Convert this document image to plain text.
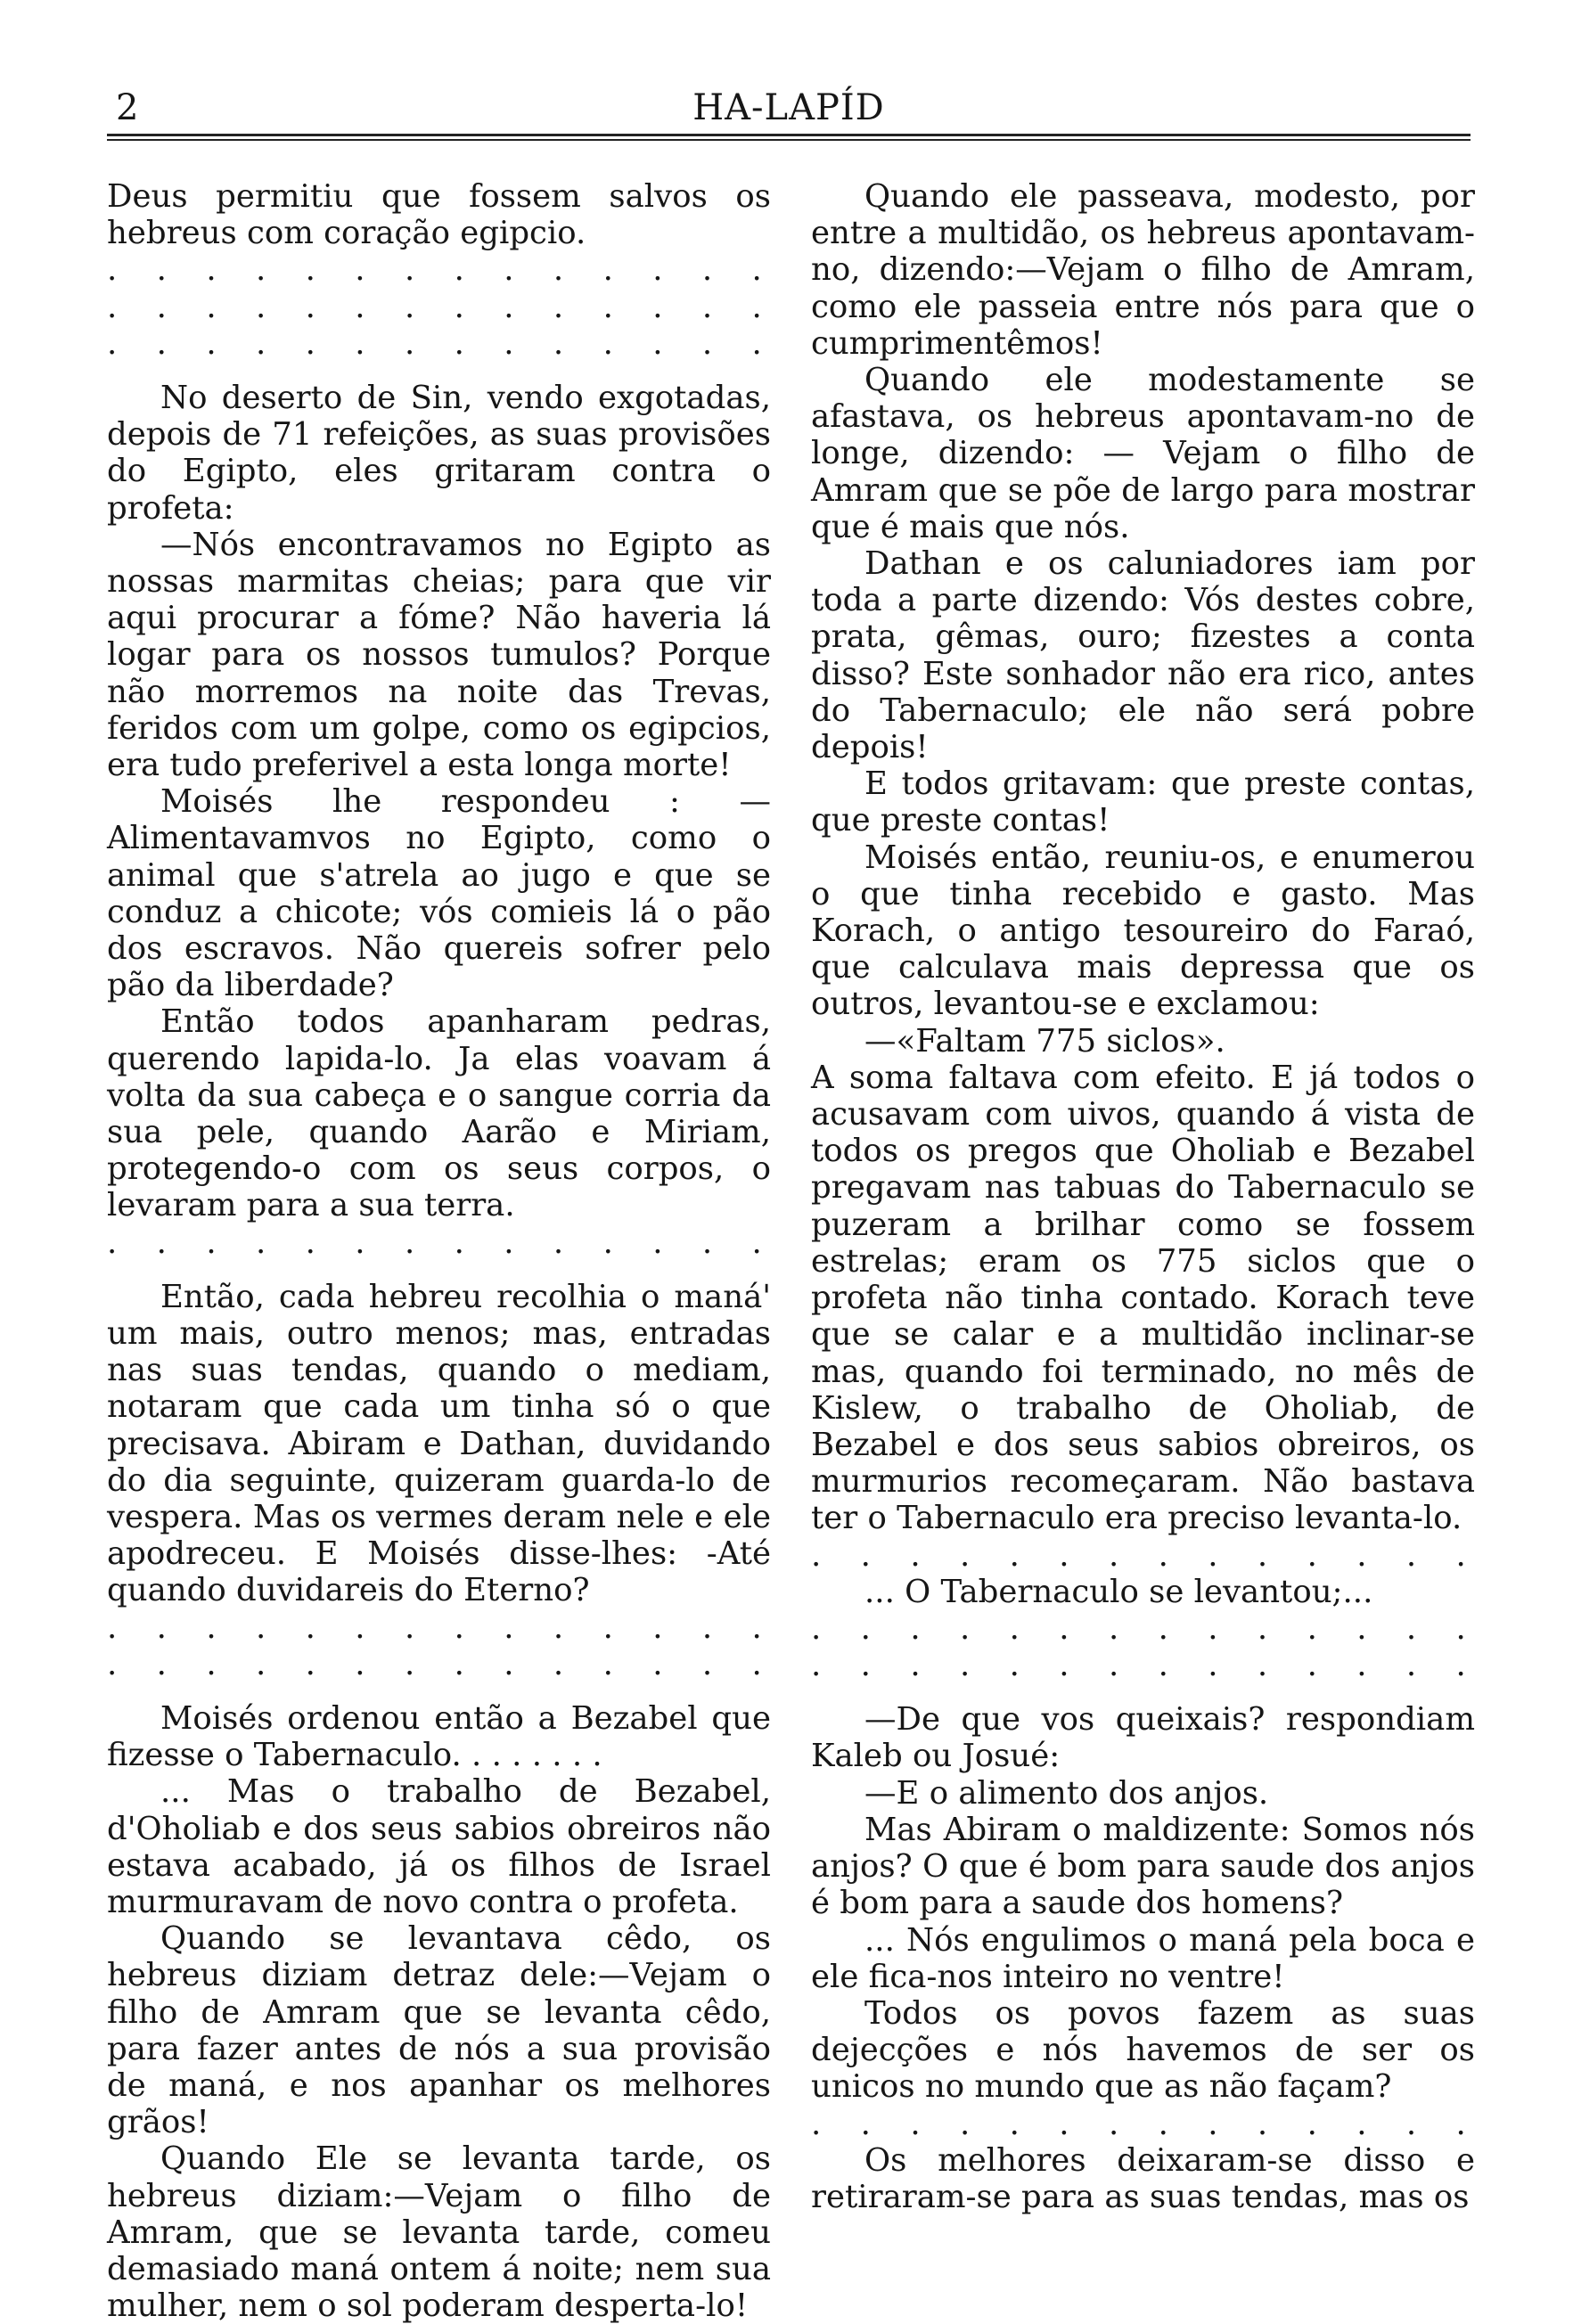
2	HA-LAPÍD

Deus permitiu que fossem salvos os hebreus com coração egipcio.

.
.
.
.
.
.
.
.
.
.
.
.
.
.
.
.
.
.
.
.
.
.
.
.
.
.
.
.
.
.
.
.
.
.
.
.
.
.
.
.
.
.

No deserto de Sin, vendo exgotadas, depois de 71 refeições, as suas provisões do Egipto, eles gritaram contra o profeta:

—Nós encontravamos no Egipto as nossas marmitas cheias; para que vir aqui procurar a fóme? Não haveria lá logar para os nossos tumulos? Porque não morremos na noite das Trevas, feridos com um golpe, como os egipcios, era tudo preferivel a esta longa morte!

Moisés lhe respondeu : —Alimentavamvos no Egipto, como o animal que s'atrela ao jugo e que se conduz a chicote; vós comieis lá o pão dos escravos. Não quereis sofrer pelo pão da liberdade?

Então todos apanharam pedras, querendo lapida-lo. Ja elas voavam á volta da sua cabeça e o sangue corria da sua pele, quando Aarão e Miriam, protegendo-o com os seus corpos, o levaram para a sua terra.

.
.
.
.
.
.
.
.
.
.
.
.
.
.

Então, cada hebreu recolhia o maná' um mais, outro menos; mas, entradas nas suas tendas, quando o mediam, notaram que cada um tinha só o que precisava. Abiram e Dathan, duvidando do dia seguinte, quizeram guarda-lo de vespera. Mas os vermes deram nele e ele apodreceu. E Moisés disse-lhes: -Até quando duvidareis do Eterno?

.
.
.
.
.
.
.
.
.
.
.
.
.
.
.
.
.
.
.
.
.
.
.
.
.
.
.
.

Moisés ordenou então a Bezabel que fizesse o Tabernaculo. . . . . . . .

... Mas o trabalho de Bezabel, d'Oholiab e dos seus sabios obreiros não estava acabado, já os filhos de Israel murmuravam de novo contra o profeta.

Quando se levantava cêdo, os hebreus diziam detraz dele:—Vejam o filho de Amram que se levanta cêdo, para fazer antes de nós a sua provisão de maná, e nos apanhar os melhores grãos!

Quando Ele se levanta tarde, os hebreus diziam:—Vejam o filho de Amram, que se levanta tarde, comeu demasiado maná ontem á noite; nem sua mulher, nem o sol poderam desperta-lo!

Quando ele passeava, modesto, por entre a multidão, os hebreus apontavam-no, dizendo:—Vejam o filho de Amram, como ele passeia entre nós para que o cumprimentêmos!

Quando ele modestamente se afastava, os hebreus apontavam-no de longe, dizendo: — Vejam o filho de Amram que se põe de largo para mostrar que é mais que nós.

Dathan e os caluniadores iam por toda a parte dizendo: Vós destes cobre, prata, gêmas, ouro; fizestes a conta disso? Este sonhador não era rico, antes do Tabernaculo; ele não será pobre depois!

E todos gritavam: que preste contas, que preste contas!

Moisés então, reuniu-os, e enumerou o que tinha recebido e gasto. Mas Korach, o antigo tesoureiro do Faraó, que calculava mais depressa que os outros, levantou-se e exclamou:

—«Faltam 775 siclos».

A soma faltava com efeito. E já todos o acusavam com uivos, quando á vista de todos os pregos que Oholiab e Bezabel pregavam nas tabuas do Tabernaculo se puzeram a brilhar como se fossem estrelas; eram os 775 siclos que o profeta não tinha contado. Korach teve que se calar e a multidão inclinar-se mas, quando foi terminado, no mês de Kislew, o trabalho de Oholiab, de Bezabel e dos seus sabios obreiros, os murmurios recomeçaram. Não bastava ter o Tabernaculo era preciso levanta-lo.

.
.
.
.
.
.
.
.
.
.
.
.
.
.

... O Tabernaculo se levantou;...

.
.
.
.
.
.
.
.
.
.
.
.
.
.
.
.
.
.
.
.
.
.
.
.
.
.
.
.

—De que vos queixais? respondiam Kaleb ou Josué:

—E o alimento dos anjos.

Mas Abiram o maldizente: Somos nós anjos? O que é bom para saude dos anjos é bom para a saude dos homens?

... Nós engulimos o maná pela boca e ele fica-nos inteiro no ventre!

Todos os povos fazem as suas dejecções e nós havemos de ser os unicos no mundo que as não façam?

.
.
.
.
.
.
.
.
.
.
.
.
.
.

Os melhores deixaram-se disso e retiraram-se para as suas tendas, mas os
